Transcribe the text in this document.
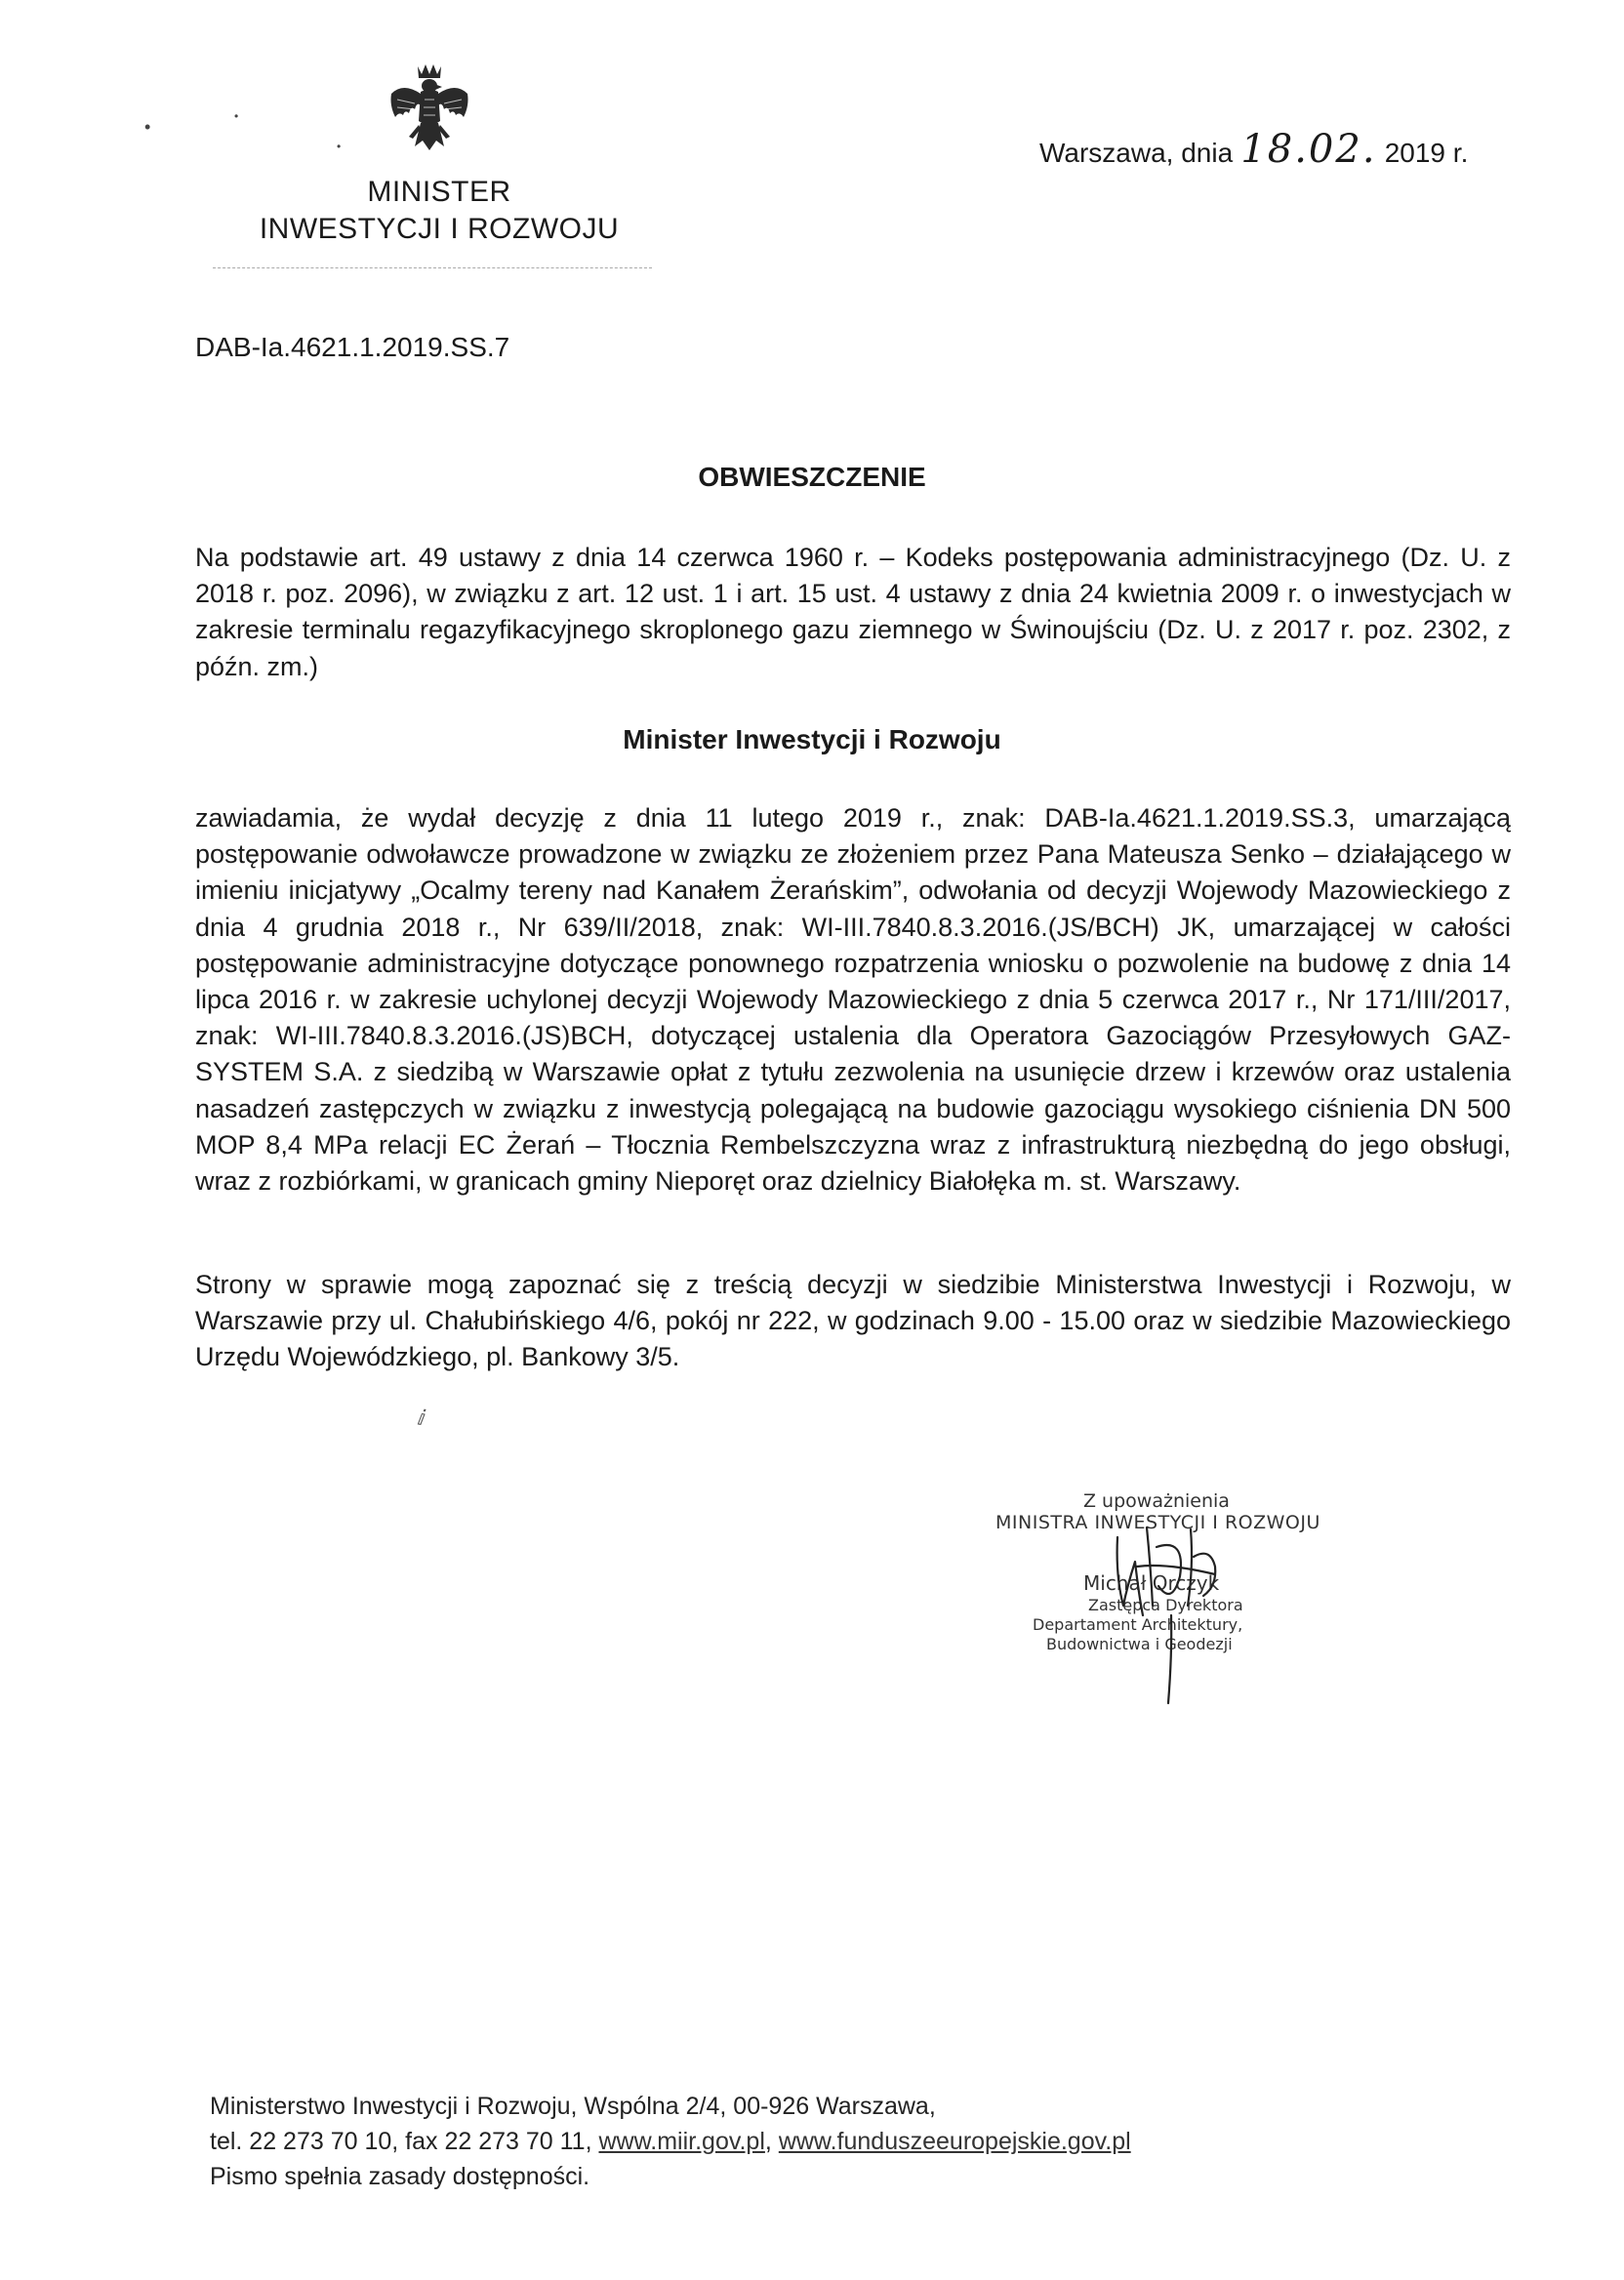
•
•
•
MINISTER
INWESTYCJI I ROZWOJU
Warszawa, dnia 18.02. 2019 r.
DAB-Ia.4621.1.2019.SS.7
OBWIESZCZENIE
Na podstawie art. 49 ustawy z dnia 14 czerwca 1960 r. – Kodeks postępowania administracyjnego (Dz. U. z 2018 r. poz. 2096), w związku z art. 12 ust. 1 i art. 15 ust. 4 ustawy z dnia 24 kwietnia 2009 r. o inwestycjach w zakresie terminalu regazyfikacyjnego skroplonego gazu ziemnego w Świnoujściu (Dz. U. z 2017 r. poz. 2302, z późn. zm.)
Minister Inwestycji i Rozwoju
zawiadamia, że wydał decyzję z dnia 11 lutego 2019 r., znak: DAB-Ia.4621.1.2019.SS.3, umarzającą postępowanie odwoławcze prowadzone w związku ze złożeniem przez Pana Mateusza Senko – działającego w imieniu inicjatywy „Ocalmy tereny nad Kanałem Żerańskim”, odwołania od decyzji Wojewody Mazowieckiego z dnia 4 grudnia 2018 r., Nr 639/II/2018, znak: WI-III.7840.8.3.2016.(JS/BCH) JK, umarzającej w całości postępowanie administracyjne dotyczące ponownego rozpatrzenia wniosku o pozwolenie na budowę z dnia 14 lipca 2016 r. w zakresie uchylonej decyzji Wojewody Mazowieckiego z dnia 5 czerwca 2017 r., Nr 171/III/2017, znak: WI-III.7840.8.3.2016.(JS)BCH, dotyczącej ustalenia dla Operatora Gazociągów Przesyłowych GAZ-SYSTEM S.A. z siedzibą w Warszawie opłat z tytułu zezwolenia na usunięcie drzew i krzewów oraz ustalenia nasadzeń zastępczych w związku z inwestycją polegającą na budowie gazociągu wysokiego ciśnienia DN 500 MOP 8,4 MPa relacji EC Żerań – Tłocznia Rembelszczyzna wraz z infrastrukturą niezbędną do jego obsługi, wraz z rozbiórkami, w granicach gminy Nieporęt oraz dzielnicy Białołęka m. st. Warszawy.
Strony w sprawie mogą zapoznać się z treścią decyzji w siedzibie Ministerstwa Inwestycji i Rozwoju, w Warszawie przy ul. Chałubińskiego 4/6, pokój nr 222, w godzinach 9.00 - 15.00 oraz w siedzibie Mazowieckiego Urzędu Wojewódzkiego, pl. Bankowy 3/5.
ⅈ
Z upoważnienia
MINISTRA INWESTYCJI I ROZWOJU
Michał Orczyk
Zastępca Dyrektora
Departament Architektury,
Budownictwa i Geodezji
Ministerstwo Inwestycji i Rozwoju, Wspólna 2/4, 00-926 Warszawa,
tel. 22 273 70 10, fax 22 273 70 11, www.miir.gov.pl, www.funduszeeuropejskie.gov.pl
Pismo spełnia zasady dostępności.
